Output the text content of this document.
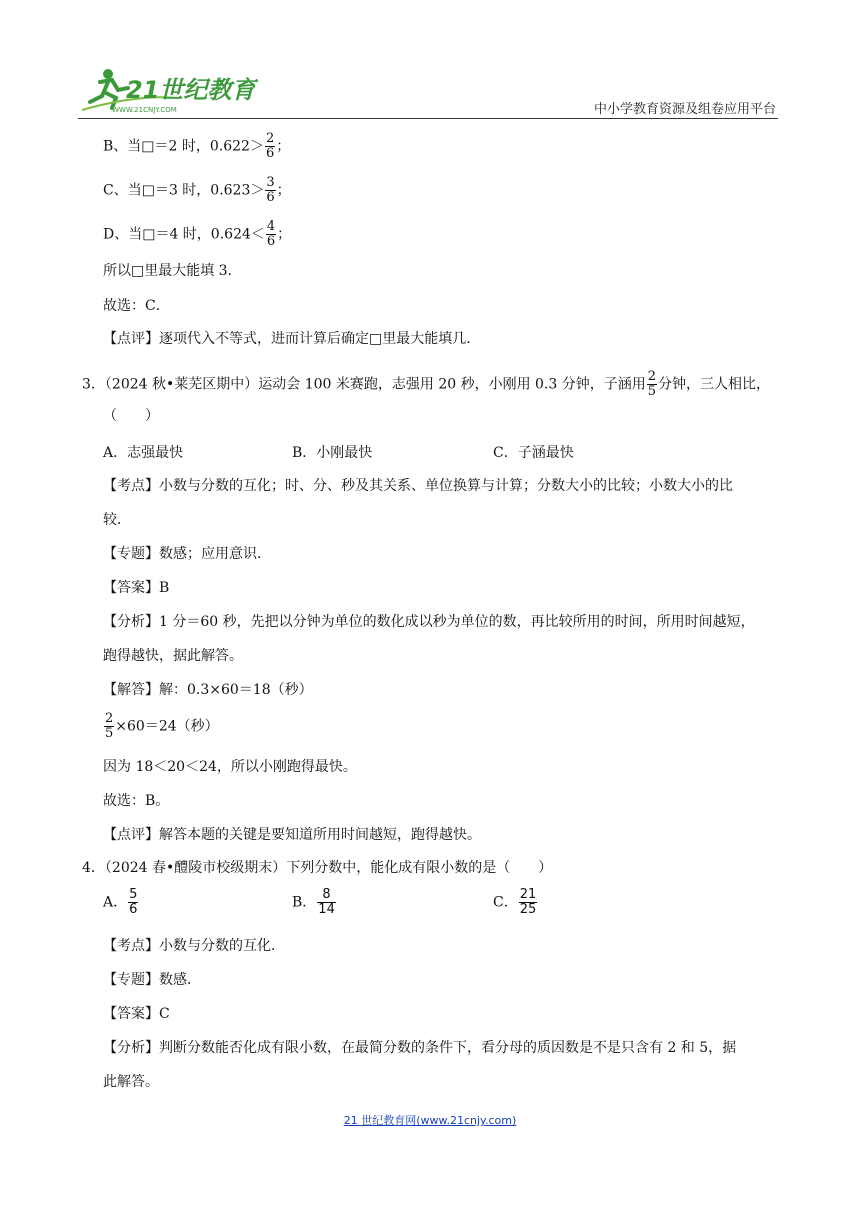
21世纪教育
WWW.21CNJY.COM	中小学教育资源及组卷应用平台
B、当□＝2 时，$0.622> \frac{2}{6}$ ；
C、当□＝3 时，$0.623> \frac{3}{6}$ ；
D、当□＝4 时，$0.624< \frac{4}{6}$ ；
所以□里最大能填 3．
故选：C．
【点评】逐项代入不等式，进而计算后确定□里最大能填几．
3．（2024 秋•莱芜区期中）运动会 100 米赛跑，志强用 20 秒，小刚用 0.3 分钟，子涵用 $\frac{2}{5}$ 分钟，三人相比，
（　　）
A．志强最快	B．小刚最快	C．子涵最快
【考点】小数与分数的互化；时、分、秒及其关系、单位换算与计算；分数大小的比较；小数大小的比
较．
【专题】数感；应用意识．
【答案】B
【分析】1 分＝60 秒，先把以分钟为单位的数化成以秒为单位的数，再比较所用的时间，所用时间越短，
跑得越快，据此解答。
【解答】解：0.3×60＝18（秒）
$\frac{2}{5} \times 60=24$（秒）
因为 18＜20＜24，所以小刚跑得最快。
故选：B。
【点评】解答本题的关键是要知道所用时间越短，跑得越快。
4．（2024 春•醴陵市校级期末）下列分数中，能化成有限小数的是（　　）
A． $\frac{5}{6}$	B． $\frac{8}{14}$	C． $\frac{21}{25}$
【考点】小数与分数的互化．
【专题】数感．
【答案】C
【分析】判断分数能否化成有限小数，在最简分数的条件下，看分母的质因数是不是只含有 2 和 5，据
此解答。
21 世纪教育网(www.21cnjy.com)
